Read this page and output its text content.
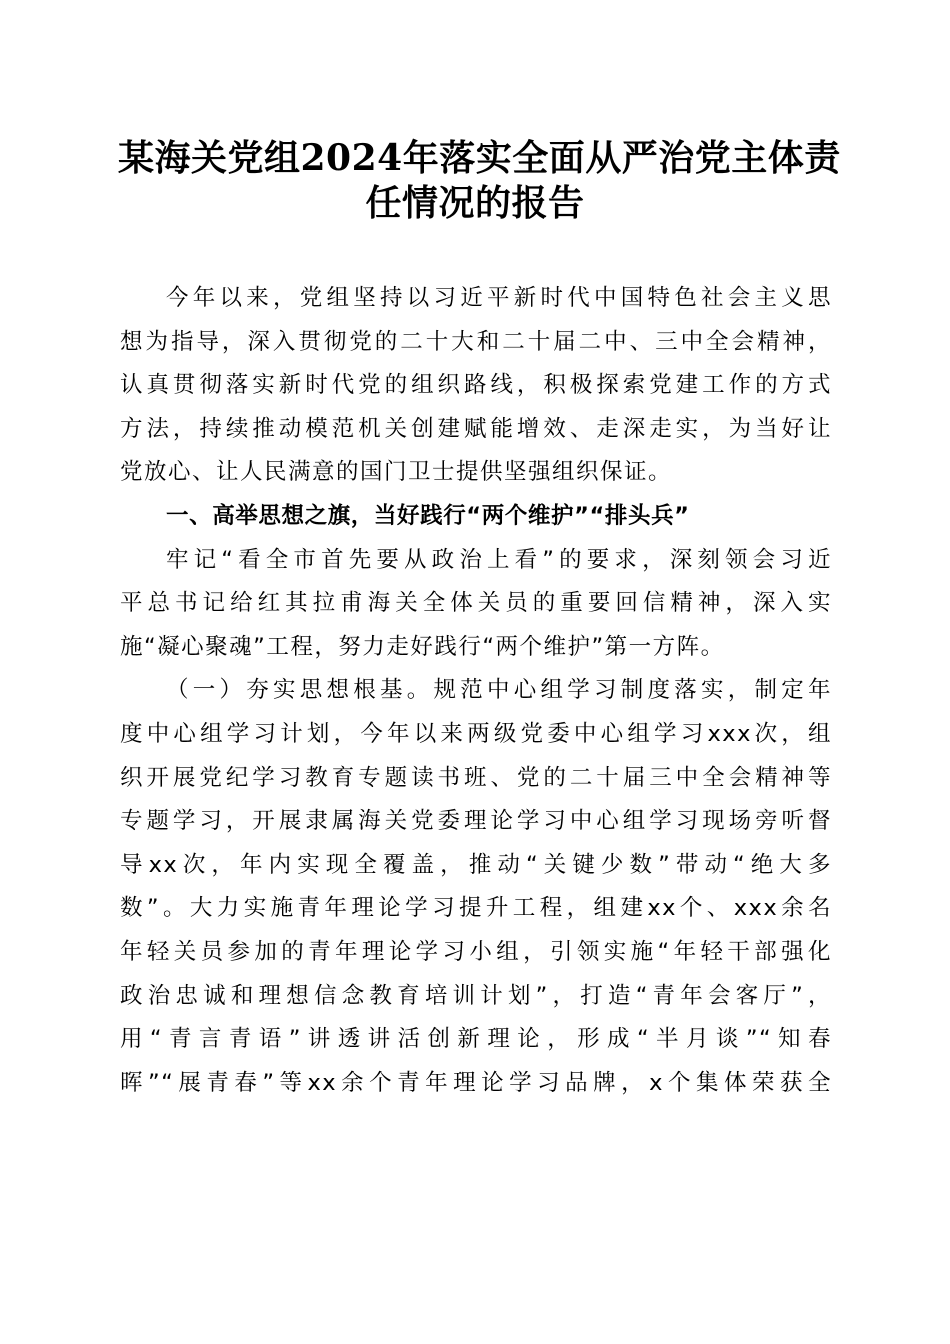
某海关党组2024年落实全面从严治党主体责
任情况的报告

今年以来，党组坚持以习近平新时代中国特色社会主义思
想为指导，深入贯彻党的二十大和二十届二中、三中全会精神，
认真贯彻落实新时代党的组织路线，积极探索党建工作的方式
方法，持续推动模范机关创建赋能增效、走深走实，为当好让
党放心、让人民满意的国门卫士提供坚强组织保证。

一、高举思想之旗，当好践行“两个维护”“排头兵”

牢记“看全市首先要从政治上看”的要求，深刻领会习近
平总书记给红其拉甫海关全体关员的重要回信精神，深入实
施“凝心聚魂”工程，努力走好践行“两个维护”第一方阵。

（一）夯实思想根基。规范中心组学习制度落实，制定年
度中心组学习计划，今年以来两级党委中心组学习xxx次，组
织开展党纪学习教育专题读书班、党的二十届三中全会精神等
专题学习，开展隶属海关党委理论学习中心组学习现场旁听督
导xx次，年内实现全覆盖，推动“关键少数”带动“绝大多
数”。大力实施青年理论学习提升工程，组建xx个、xxx余名
年轻关员参加的青年理论学习小组，引领实施“年轻干部强化
政治忠诚和理想信念教育培训计划”，打造“青年会客厅”，
用“青言青语”讲透讲活创新理论，形成“半月谈”“知春
晖”“展青春”等xx余个青年理论学习品牌，x个集体荣获全
